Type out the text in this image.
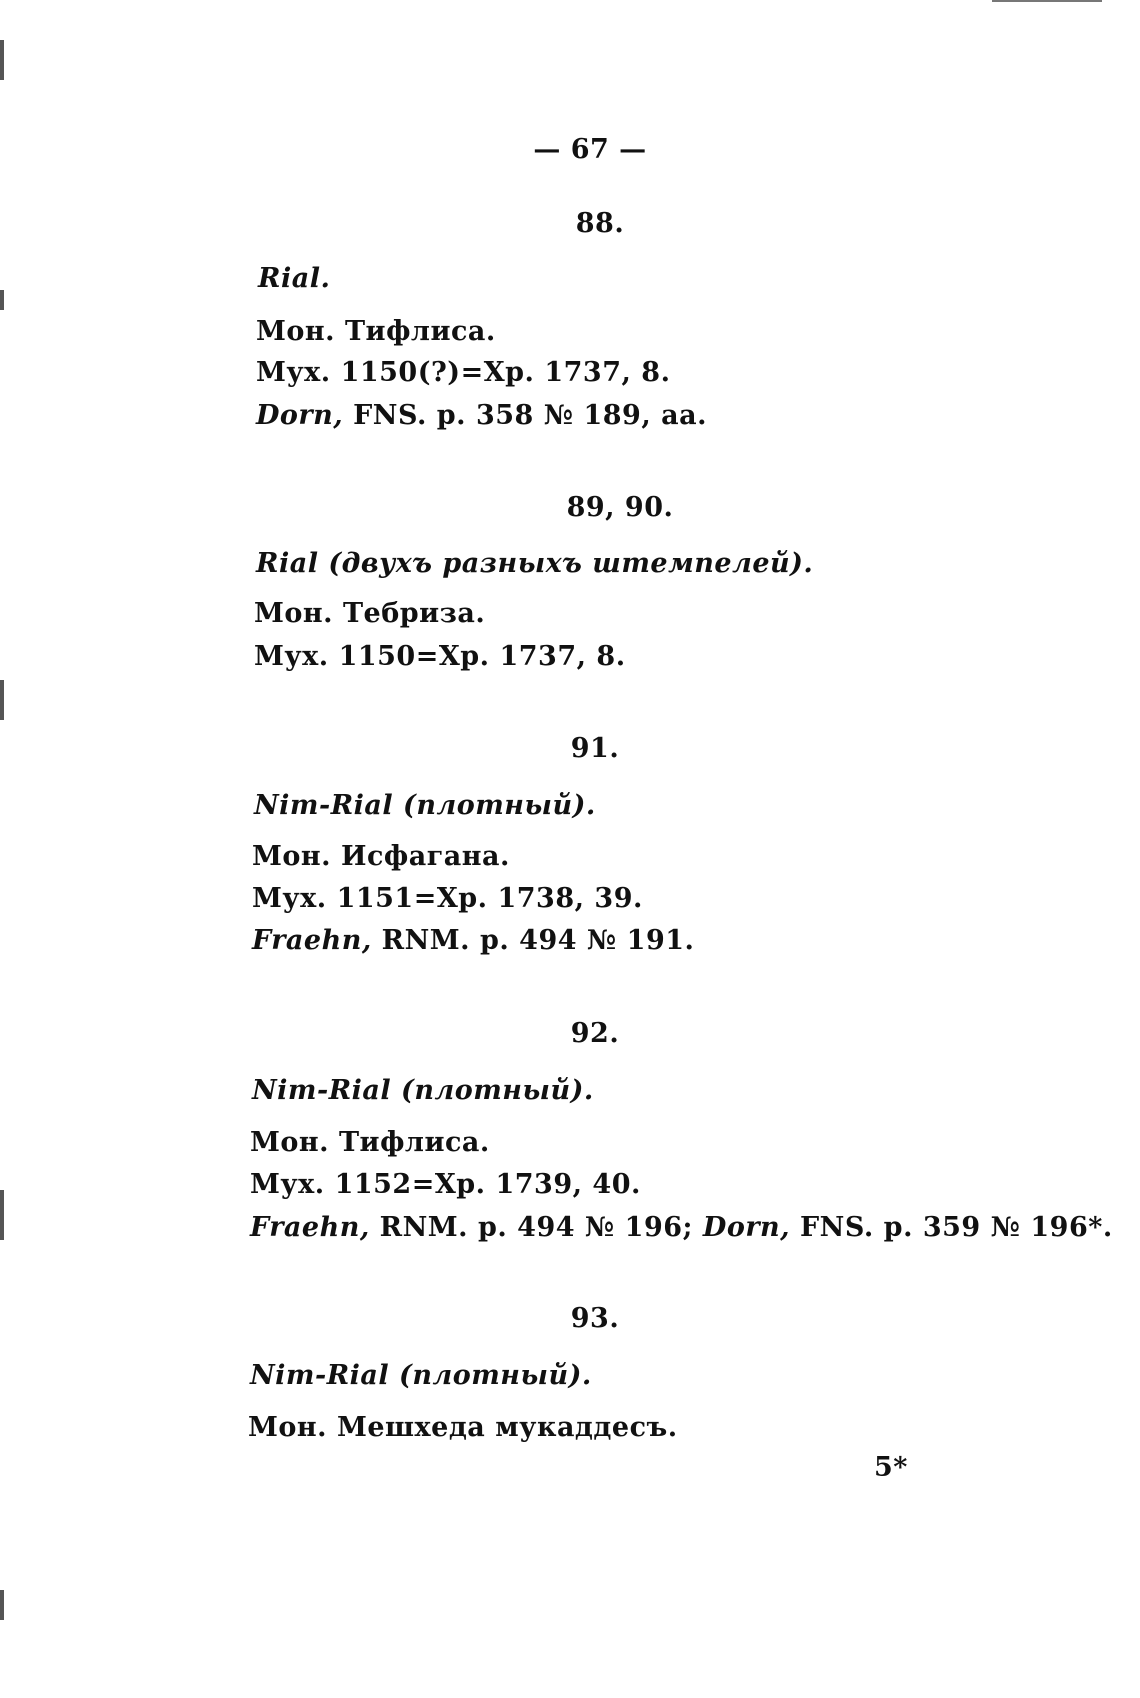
— 67 —
88.
Rial.
Мон. Тифлиса.
Мух. 1150(?)=Хр. 1737, 8.
Dorn, FNS. p. 358 № 189, aa.
89, 90.
Rial (двухъ разныхъ штемпелей).
Мон. Тебриза.
Мух. 1150=Хр. 1737, 8.
91.
Nim-Rial (плотный).
Мон. Исфагана.
Мух. 1151=Хр. 1738, 39.
Fraehn, RNM. p. 494 № 191.
92.
Nim-Rial (плотный).
Мон. Тифлиса.
Мух. 1152=Хр. 1739, 40.
Fraehn, RNM. p. 494 № 196; Dorn, FNS. p. 359 № 196*.
93.
Nim-Rial (плотный).
Мон. Мешхеда мукаддесъ.
5*
